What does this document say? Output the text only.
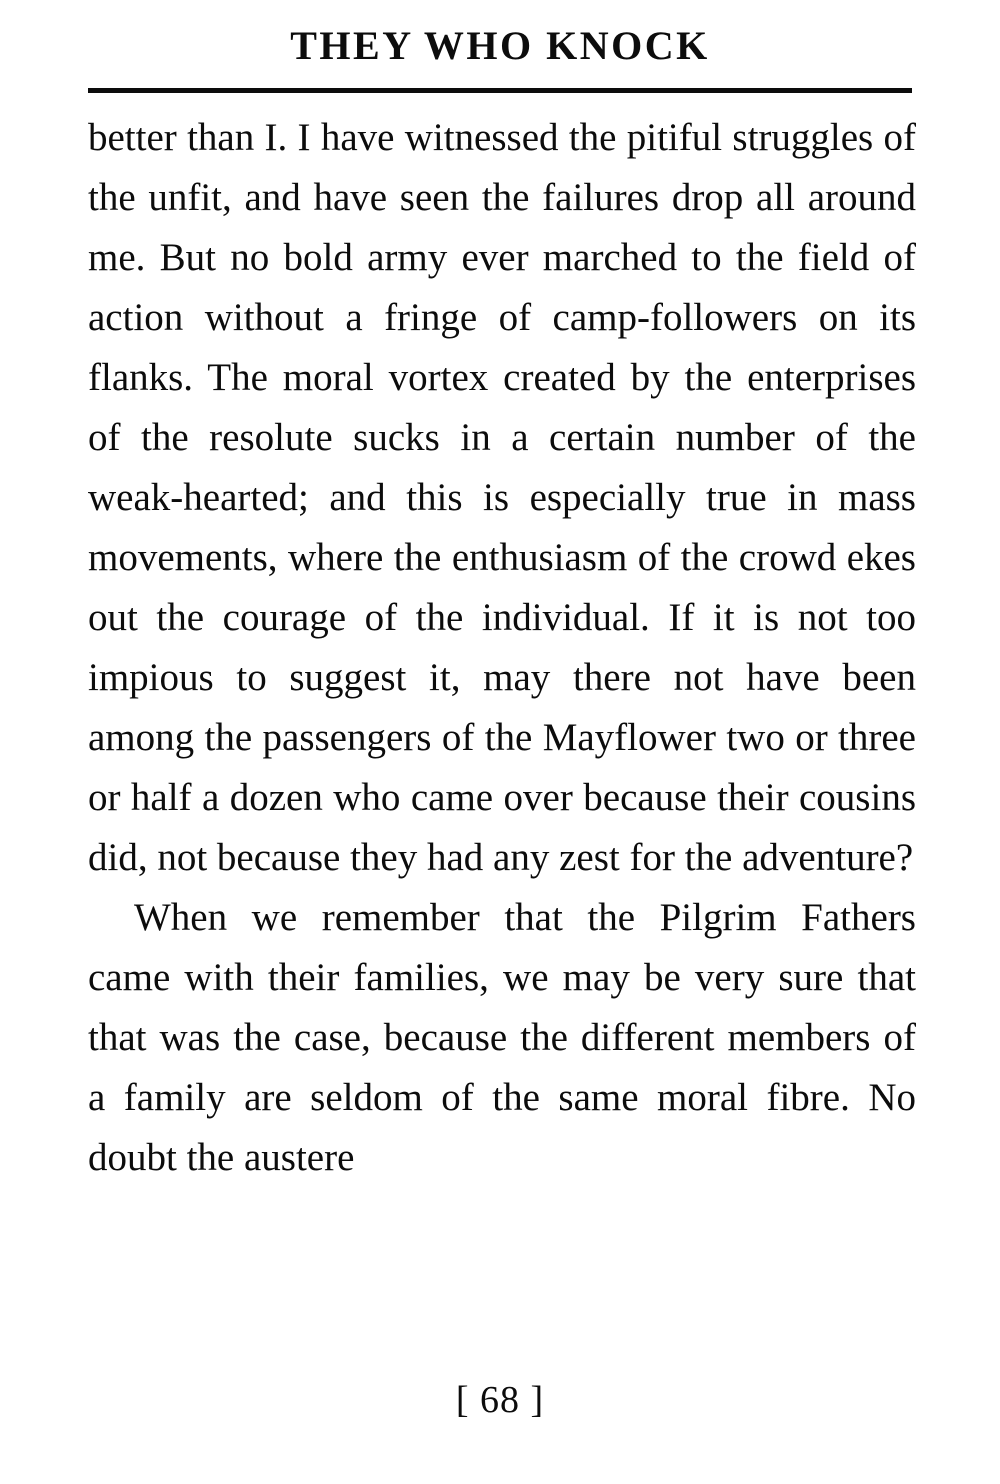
THEY WHO KNOCK

better than I. I have witnessed the pitiful struggles of the unfit, and have seen the failures drop all around me. But no bold army ever marched to the field of action without a fringe of camp-followers on its flanks. The moral vortex created by the enterprises of the resolute sucks in a certain number of the weak-hearted; and this is especially true in mass movements, where the enthusiasm of the crowd ekes out the courage of the individual. If it is not too impious to suggest it, may there not have been among the passengers of the Mayflower two or three or half a dozen who came over because their cousins did, not because they had any zest for the adventure?

When we remember that the Pilgrim Fathers came with their families, we may be very sure that that was the case, because the different members of a family are seldom of the same moral fibre. No doubt the austere

[ 68 ]
